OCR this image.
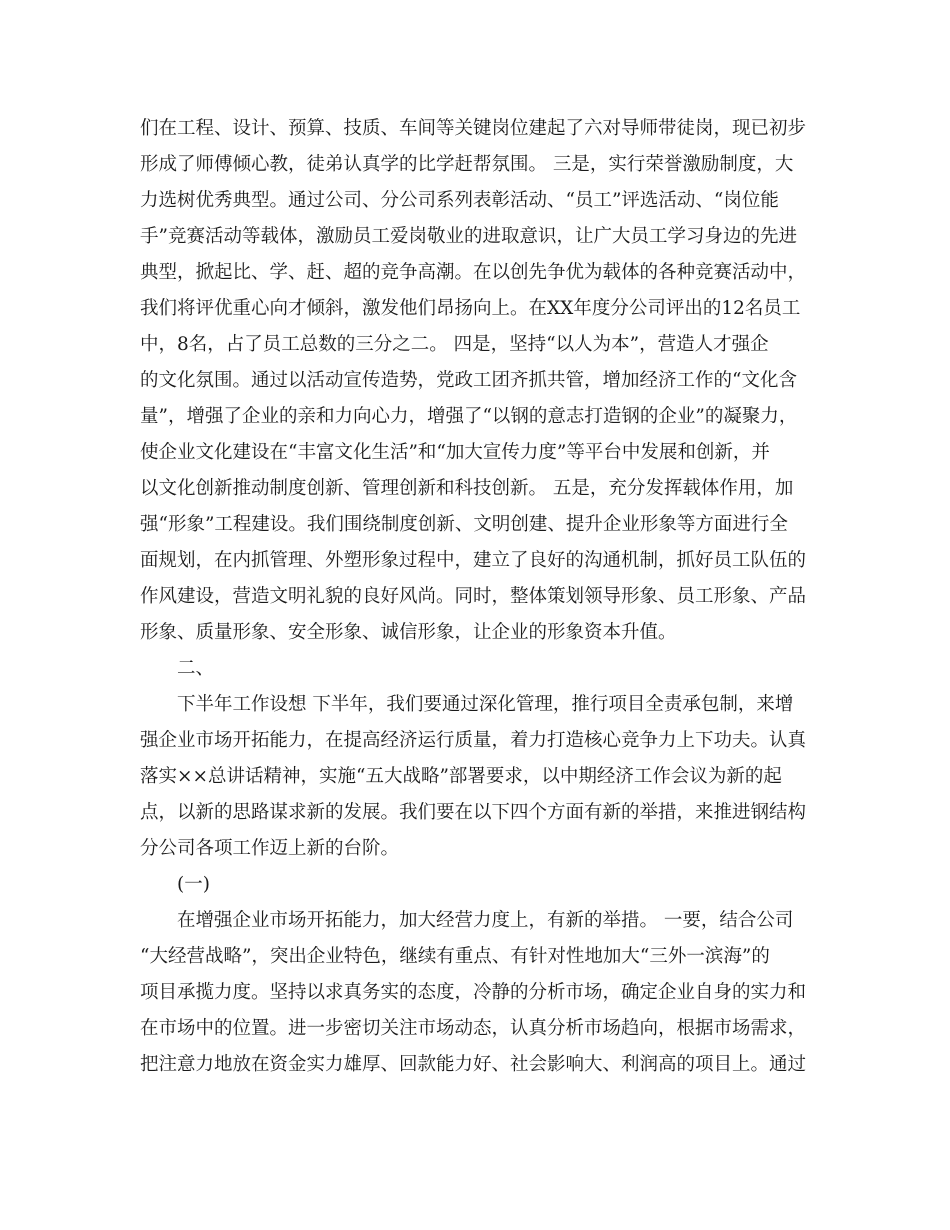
们在工程、设计、预算、技质、车间等关键岗位建起了六对导师带徒岗，现已初步
形成了师傅倾心教，徒弟认真学的比学赶帮氛围。 三是，实行荣誉激励制度，大
力选树优秀典型。通过公司、分公司系列表彰活动、“员工”评选活动、“岗位能
手”竞赛活动等载体，激励员工爱岗敬业的进取意识，让广大员工学习身边的先进
典型，掀起比、学、赶、超的竞争高潮。在以创先争优为载体的各种竞赛活动中，
我们将评优重心向才倾斜，激发他们昂扬向上。在XX年度分公司评出的12名员工
中，8名，占了员工总数的三分之二。 四是，坚持“以人为本”，营造人才强企
的文化氛围。通过以活动宣传造势，党政工团齐抓共管，增加经济工作的“文化含
量”，增强了企业的亲和力向心力，增强了“以钢的意志打造钢的企业”的凝聚力，
使企业文化建设在“丰富文化生活”和“加大宣传力度”等平台中发展和创新，并
以文化创新推动制度创新、管理创新和科技创新。 五是，充分发挥载体作用，加
强“形象”工程建设。我们围绕制度创新、文明创建、提升企业形象等方面进行全
面规划，在内抓管理、外塑形象过程中，建立了良好的沟通机制，抓好员工队伍的
作风建设，营造文明礼貌的良好风尚。同时，整体策划领导形象、员工形象、产品
形象、质量形象、安全形象、诚信形象，让企业的形象资本升值。
二、
下半年工作设想 下半年，我们要通过深化管理，推行项目全责承包制，来增
强企业市场开拓能力，在提高经济运行质量，着力打造核心竞争力上下功夫。认真
落实××总讲话精神，实施“五大战略”部署要求，以中期经济工作会议为新的起
点，以新的思路谋求新的发展。我们要在以下四个方面有新的举措，来推进钢结构
分公司各项工作迈上新的台阶。
(一)
在增强企业市场开拓能力，加大经营力度上，有新的举措。 一要，结合公司
“大经营战略”，突出企业特色，继续有重点、有针对性地加大“三外一滨海”的
项目承揽力度。坚持以求真务实的态度，冷静的分析市场，确定企业自身的实力和
在市场中的位置。进一步密切关注市场动态，认真分析市场趋向，根据市场需求，
把注意力地放在资金实力雄厚、回款能力好、社会影响大、利润高的项目上。通过
